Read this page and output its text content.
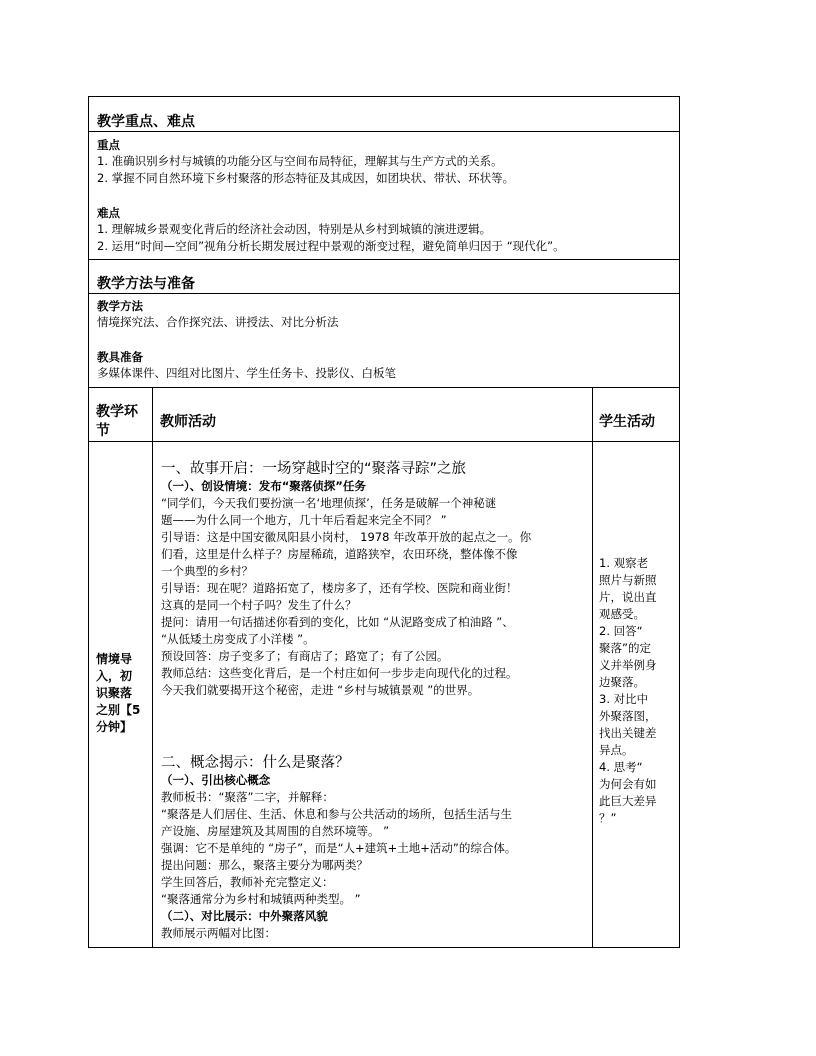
教学重点、难点
重点
1. 准确识别乡村与城镇的功能分区与空间布局特征，理解其与生产方式的关系。
2. 掌握不同自然环境下乡村聚落的形态特征及其成因，如团块状、带状、环状等。
难点
1. 理解城乡景观变化背后的经济社会动因，特别是从乡村到城镇的演进逻辑。
2. 运用“时间—空间”视角分析长期发展过程中景观的渐变过程，避免简单归因于 “现代化”。
教学方法与准备
教学方法
情境探究法、合作探究法、讲授法、对比分析法
教具准备
多媒体课件、四组对比图片、学生任务卡、投影仪、白板笔
教学环
节
教师活动	学生活动
情境导
入，初
识聚落
之别【5
分钟】
一、故事开启：一场穿越时空的“聚落寻踪”之旅
（一）、创设情境：发布“聚落侦探”任务
“同学们，今天我们要扮演一名‘地理侦探’，任务是破解一个神秘谜
题——为什么同一个地方，几十年后看起来完全不同？ ”
引导语：这是中国安徽凤阳县小岗村， 1978 年改革开放的起点之一。你
们看，这里是什么样子？房屋稀疏，道路狭窄，农田环绕，整体像不像
一个典型的乡村？
引导语：现在呢？道路拓宽了，楼房多了，还有学校、医院和商业街！
这真的是同一个村子吗？发生了什么？
提问：请用一句话描述你看到的变化，比如 “从泥路变成了柏油路 ”、
“从低矮土房变成了小洋楼 ”。
预设回答：房子变多了；有商店了；路宽了；有了公园。
教师总结：这些变化背后，是一个村庄如何一步步走向现代化的过程。
今天我们就要揭开这个秘密，走进 “乡村与城镇景观 ”的世界。
二、概念揭示：什么是聚落？
（一）、引出核心概念
教师板书：“聚落”二字，并解释：
“聚落是人们居住、生活、休息和参与公共活动的场所，包括生活与生
产设施、房屋建筑及其周围的自然环境等。 ”
强调：它不是单纯的 “房子”，而是“人+建筑+土地+活动”的综合体。
提出问题：那么，聚落主要分为哪两类？
学生回答后，教师补充完整定义：
“聚落通常分为乡村和城镇两种类型。 ”
（二）、对比展示：中外聚落风貌
教师展示两幅对比图：
1. 观察老
照片与新照
片，说出直
观感受。
2. 回答“
聚落”的定
义并举例身
边聚落。
3. 对比中
外聚落图，
找出关键差
异点。
4. 思考“
为何会有如
此巨大差异
？”
